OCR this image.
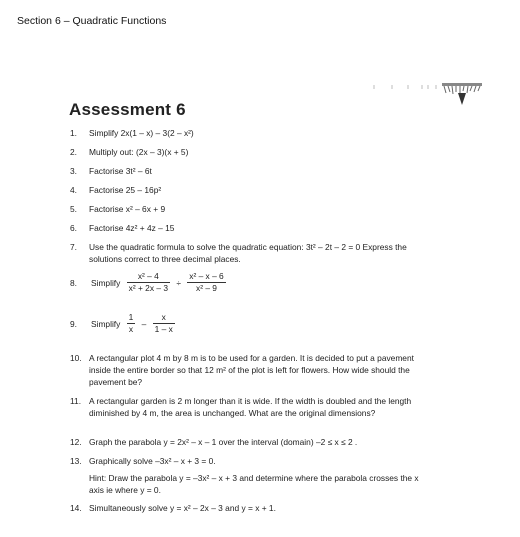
Section 6 – Quadratic Functions
Assessment 6
1.	Simplify 2x(1 – x) – 3(2 – x²)
2.	Multiply out: (2x – 3)(x + 5)
3.	Factorise 3t² – 6t
4.	Factorise 25 – 16p²
5.	Factorise x² – 6x + 9
6.	Factorise 4z² + 4z – 15
7.	Use the quadratic formula to solve the quadratic equation: 3t² – 2t – 2 = 0 Express the solutions correct to three decimal places.
8.	Simplify $\frac{\text{x² – 4}}{\text{x² + 2x – 3}} \div \frac{\text{x² – x – 6}}{\text{x² – 9}}$
9.	Simplify $\frac{1}{x} - \frac{x}{1 - x}$
10. A rectangular plot 4 m by 8 m is to be used for a garden. It is decided to put a pavement inside the entire border so that 12 m² of the plot is left for flowers. How wide should the pavement be?
11. A rectangular garden is 2 m longer than it is wide. If the width is doubled and the length diminished by 4 m, the area is unchanged. What are the original dimensions?
12. Graph the parabola y = 2x² – x – 1 over the interval (domain) –2 ≤ x ≤ 2 .
13. Graphically solve –3x² – x + 3 = 0.
Hint: Draw the parabola y = –3x² – x + 3 and determine where the parabola crosses the x axis ie where y = 0.
14. Simultaneously solve y = x² – 2x – 3 and y = x + 1.
